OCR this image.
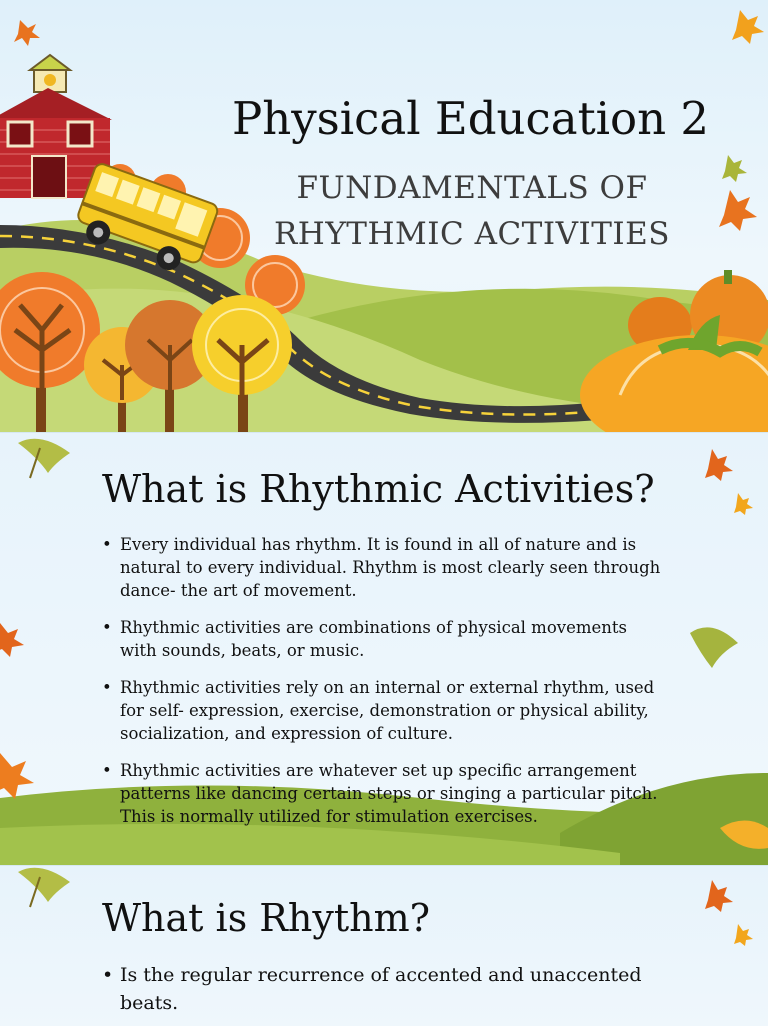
Physical Education 2
FUNDAMENTALS OF
RHYTHMIC ACTIVITIES
What is Rhythmic Activities?
• Every individual has rhythm. It is found in all of nature and is natural to every individual. Rhythm is most clearly seen through dance- the art of movement.
• Rhythmic activities are combinations of physical movements with sounds, beats, or music.
• Rhythmic activities rely on an internal or external rhythm, used for self- expression, exercise, demonstration or physical ability, socialization, and expression of culture.
• Rhythmic activities are whatever set up specific arrangement patterns like dancing certain steps or singing a particular pitch. This is normally utilized for stimulation exercises.
What is Rhythm?
• Is the regular recurrence of accented and unaccented beats.
